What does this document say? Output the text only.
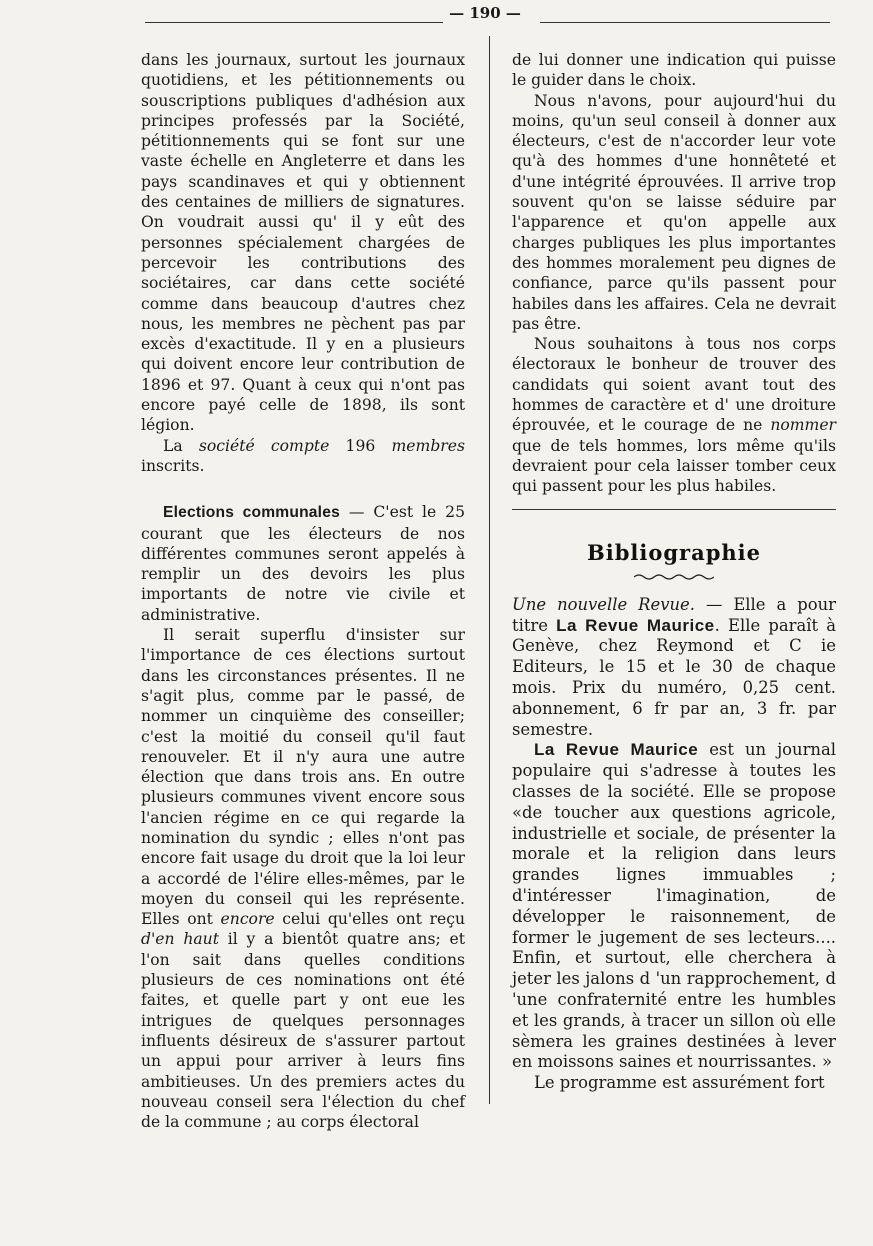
— 190 —

dans les journaux, surtout les journaux quotidiens, et les pétitionnements ou souscriptions publiques d'adhésion aux principes professés par la Société, pétitionnements qui se font sur une vaste échelle en Angleterre et dans les pays scandinaves et qui y obtiennent des centaines de milliers de signatures. On voudrait aussi qu' il y eût des personnes spécialement chargées de percevoir les contributions des sociétaires, car dans cette société comme dans beaucoup d'autres chez nous, les membres ne pèchent pas par excès d'exactitude. Il y en a plusieurs qui doivent encore leur contribution de 1896 et 97. Quant à ceux qui n'ont pas encore payé celle de 1898, ils sont légion.

La société compte 196 membres inscrits.

Elections communales — C'est le 25 courant que les électeurs de nos différentes communes seront appelés à remplir un des devoirs les plus importants de notre vie civile et administrative.

Il serait superflu d'insister sur l'importance de ces élections surtout dans les circonstances présentes. Il ne s'agit plus, comme par le passé, de nommer un cinquième des conseiller; c'est la moitié du conseil qu'il faut renouveler. Et il n'y aura une autre élection que dans trois ans. En outre plusieurs communes vivent encore sous l'ancien régime en ce qui regarde la nomination du syndic ; elles n'ont pas encore fait usage du droit que la loi leur a accordé de l'élire elles-mêmes, par le moyen du conseil qui les représente. Elles ont encore celui qu'elles ont reçu d'en haut il y a bientôt quatre ans; et l'on sait dans quelles conditions plusieurs de ces nominations ont été faites, et quelle part y ont eue les intrigues de quelques personnages influents désireux de s'assurer partout un appui pour arriver à leurs fins ambitieuses. Un des premiers actes du nouveau conseil sera l'élection du chef de la commune ; au corps électoral

de lui donner une indication qui puisse le guider dans le choix.

Nous n'avons, pour aujourd'hui du moins, qu'un seul conseil à donner aux électeurs, c'est de n'accorder leur vote qu'à des hommes d'une honnêteté et d'une intégrité éprouvées. Il arrive trop souvent qu'on se laisse séduire par l'apparence et qu'on appelle aux charges publiques les plus importantes des hommes moralement peu dignes de confiance, parce qu'ils passent pour habiles dans les affaires. Cela ne devrait pas être.

Nous souhaitons à tous nos corps électoraux le bonheur de trouver des candidats qui soient avant tout des hommes de caractère et d' une droiture éprouvée, et le courage de ne nommer que de tels hommes, lors même qu'ils devraient pour cela laisser tomber ceux qui passent pour les plus habiles.

Bibliographie

Une nouvelle Revue. — Elle a pour titre La Revue Maurice. Elle paraît à Genève, chez Reymond et C ie Editeurs, le 15 et le 30 de chaque mois. Prix du numéro, 0,25 cent. abonnement, 6 fr par an, 3 fr. par semestre.

La Revue Maurice est un journal populaire qui s'adresse à toutes les classes de la société. Elle se propose «de toucher aux questions agricole, industrielle et sociale, de présenter la morale et la religion dans leurs grandes lignes immuables ; d'intéresser l'imagination, de développer le raisonnement, de former le jugement de ses lecteurs.... Enfin, et surtout, elle cherchera à jeter les jalons d 'un rapprochement, d 'une confraternité entre les humbles et les grands, à tracer un sillon où elle sèmera les graines destinées à lever en moissons saines et nourrissantes. »

Le programme est assurément fort
